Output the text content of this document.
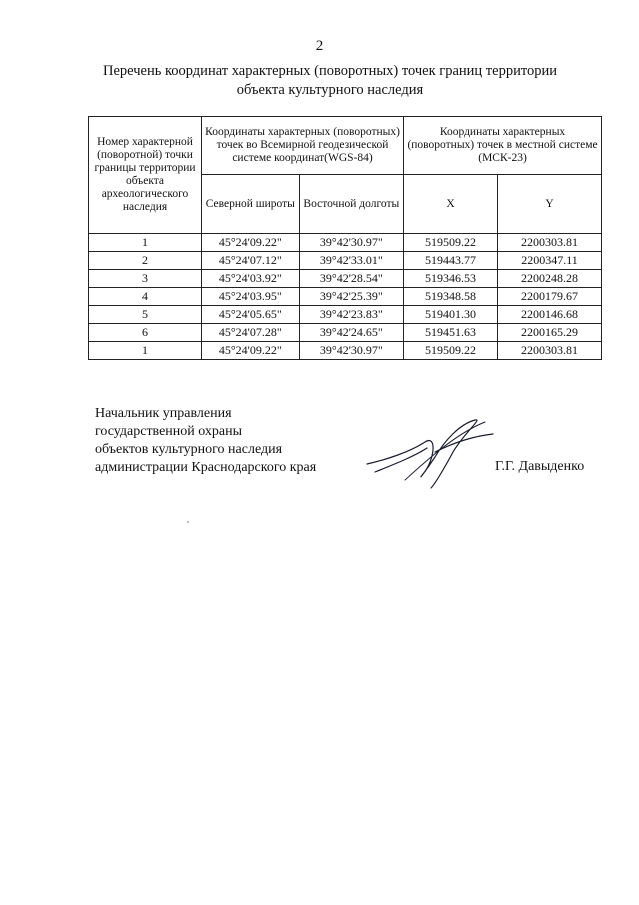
2
Перечень координат характерных (поворотных) точек границ территории
объекта культурного наследия
Номер характерной (поворотной) точки границы территории объекта археологического наследия	Координаты характерных (поворотных) точек во Всемирной геодезической системе координат(WGS-84)		Координаты характерных (поворотных) точек в местной системе (МСК-23)	
	Северной широты	Восточной долготы	X	Y
1	45°24'09.22"	39°42'30.97"	519509.22	2200303.81
2	45°24'07.12"	39°42'33.01"	519443.77	2200347.11
3	45°24'03.92"	39°42'28.54"	519346.53	2200248.28
4	45°24'03.95"	39°42'25.39"	519348.58	2200179.67
5	45°24'05.65"	39°42'23.83"	519401.30	2200146.68
6	45°24'07.28"	39°42'24.65"	519451.63	2200165.29
1	45°24'09.22"	39°42'30.97"	519509.22	2200303.81
Начальник управления
государственной охраны
объектов культурного наследия
администрации Краснодарского края	Г.Г. Давыденко
